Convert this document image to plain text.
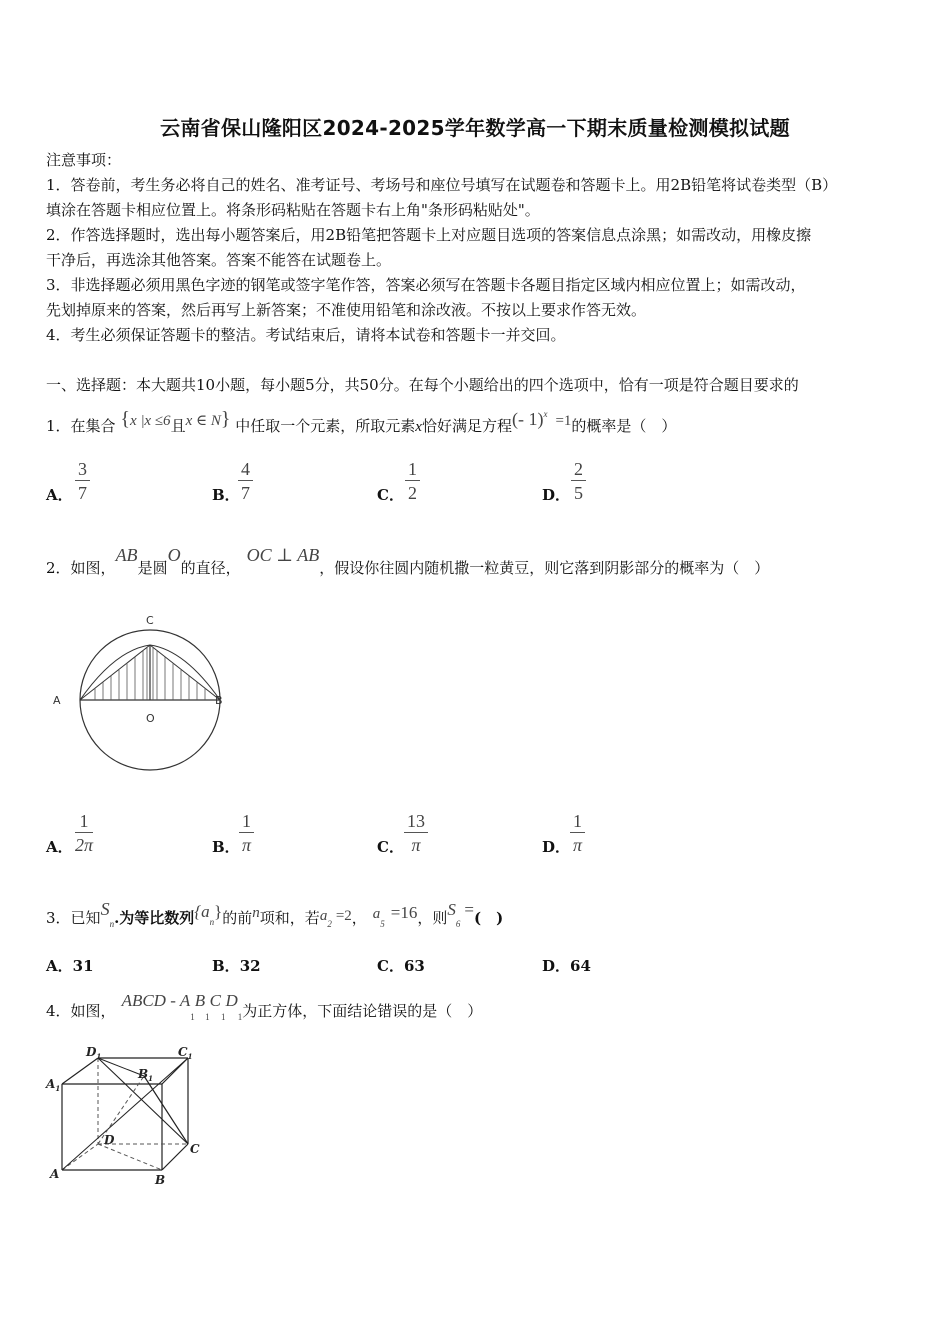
云南省保山隆阳区2024-2025学年数学高一下期末质量检测模拟试题
注意事项：
1．答卷前，考生务必将自己的姓名、准考证号、考场号和座位号填写在试题卷和答题卡上。用2B铅笔将试卷类型（B）
填涂在答题卡相应位置上。将条形码粘贴在答题卡右上角"条形码粘贴处"。
2．作答选择题时，选出每小题答案后，用2B铅笔把答题卡上对应题目选项的答案信息点涂黑；如需改动，用橡皮擦
干净后，再选涂其他答案。答案不能答在试题卷上。
3．非选择题必须用黑色字迹的钢笔或签字笔作答，答案必须写在答题卡各题目指定区域内相应位置上；如需改动，
先划掉原来的答案，然后再写上新答案；不准使用铅笔和涂改液。不按以上要求作答无效。
4．考生必须保证答题卡的整洁。考试结束后，请将本试卷和答题卡一并交回。
一、选择题：本大题共10小题，每小题5分，共50分。在每个小题给出的四个选项中，恰有一项是符合题目要求的
1．在集合 {x |x ≤6且x ∈ N} 中任取一个元素，所取元素x恰好满足方程(- 1)$^x$ =1的概率是（　）
A． $\frac{3}{7}$	B．
$\frac{4}{7}$	C． $\frac{1}{2}$	D． $\frac{2}{5}$
2．如图，AB是圆O的直径，OC ⊥ AB，假设你往圆内随机撒一粒黄豆，则它落到阴影部分的概率为（　）
C
A	B
O
A． $\frac{1}{2\pi}$	B． $\frac{1}{\pi}$	C． $\frac{13}{\pi}$	D． $\frac{1}{\pi}$
3．已知$S_n$.为等比数列$\{a_n\}$的前n项和，若$a_2 =2$， $a_5=16$，则$S_6=$(　)
A．31	B．32	C．63	D．64
4．如图，ABCD - $A_1B_1C_1D_1$为正方体，下面结论错误的是（　）
$D_1$	$C_1$
$A_1$
$B_1$
D
C
A	B
